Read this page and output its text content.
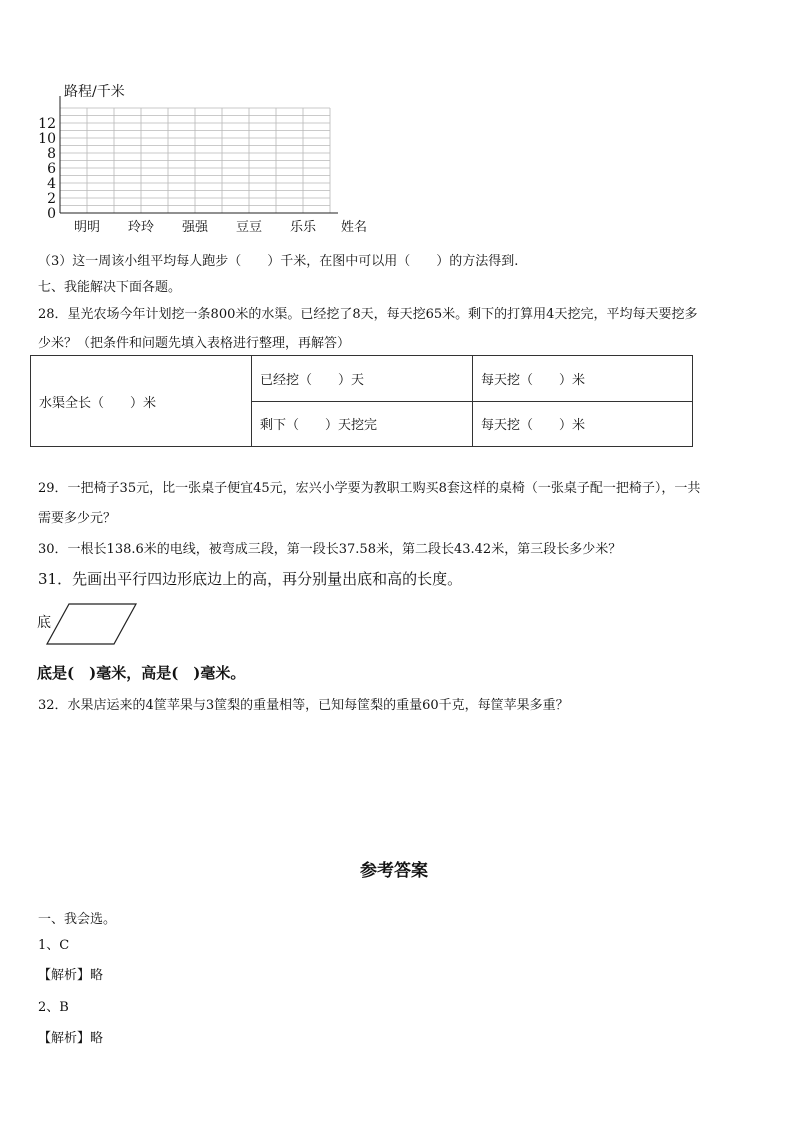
0
2
4
6
8
10
12
明明 玲玲 强强 豆豆 乐乐
路程/千米
姓名
（3）这一周该小组平均每人跑步（　　）千米，在图中可以用（　　）的方法得到.
七、我能解决下面各题。
28．星光农场今年计划挖一条800米的水渠。已经挖了8天，每天挖65米。剩下的打算用4天挖完，平均每天要挖多
少米？（把条件和问题先填入表格进行整理，再解答）
水渠全长（　　）米	已经挖（　　）天	每天挖（　　）米
	剩下（　　）天挖完	每天挖（　　）米
29．一把椅子35元，比一张桌子便宜45元，宏兴小学要为教职工购买8套这样的桌椅（一张桌子配一把椅子），一共
需要多少元？
30．一根长138.6米的电线，被弯成三段，第一段长37.58米，第二段长43.42米，第三段长多少米？
31．先画出平行四边形底边上的高，再分别量出底和高的长度。
底
底是(　)毫米，高是(　)毫米。
32．水果店运来的4筐苹果与3筐梨的重量相等，已知每筐梨的重量60千克，每筐苹果多重？
参考答案
一、我会选。
1、C
【解析】略
2、B
【解析】略
